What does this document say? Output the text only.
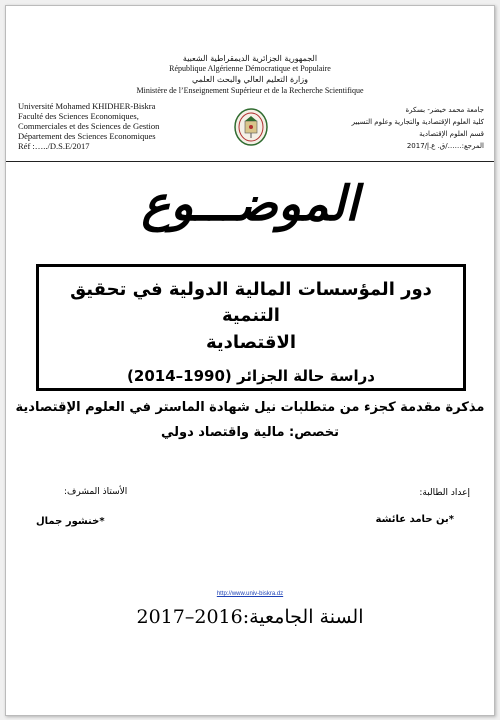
الجمهورية الجزائرية الديمقراطية الشعبية
République Algérienne Démocratique et Populaire
وزارة التعليم العالي والبحث العلمي
Ministère de l’Enseignement Supérieur et de la Recherche Scientifique
Université Mohamed KHIDHER-Biskra
Faculté des Sciences Economiques,
Commerciales et des Sciences de Gestion
Département des Sciences Economiques
Réf :…../D.S.E/2017
جامعة محمد خيضر- بسكرة
كلية العلوم الإقتصادية والتجارية وعلوم التسيير
قسم العلوم الإقتصادية
المرجع:……/ق. ع.إ/2017
الموضـــوع
دور المؤسسات المالية الدولية في تحقيق التنمية
الاقتصادية
دراسة حالة الجزائر (1990–2014)
مذكرة مقدمة كجزء من متطلبات نيل شهادة الماستر في العلوم الإقتصادية
تخصص: مالية واقتصاد دولي
إعداد الطالبة:
الأستاذ المشرف:
*بن حامد عائشة
*خنشور جمال
http://www.univ-biskra.dz
السنة الجامعية:2016–2017
